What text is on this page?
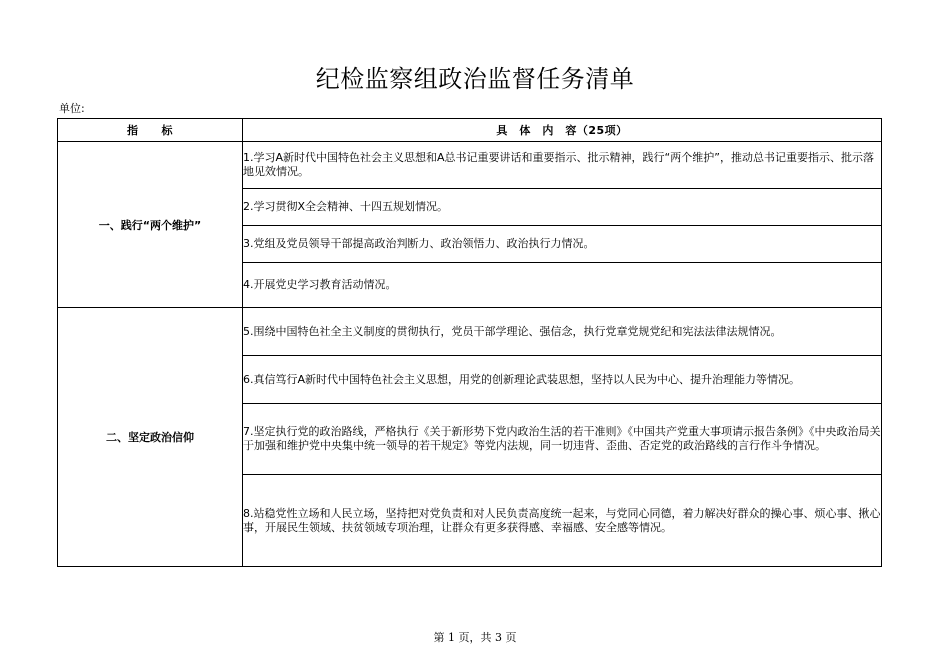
纪检监察组政治监督任务清单
单位:
指　　标	具　体　内　容（25项）
一、践行“两个维护”	1.学习A新时代中国特色社会主义思想和A总书记重要讲话和重要指示、批示精神，践行“两个维护”，推动总书记重要指示、批示落地见效情况。

	2.学习贯彻X全会精神、十四五规划情况。

	3.党组及党员领导干部提高政治判断力、政治领悟力、政治执行力情况。

	4.开展党史学习教育活动情况。

二、坚定政治信仰	5.围绕中国特色社全主义制度的贯彻执行，党员干部学理论、强信念，执行党章党规党纪和宪法法律法规情况。

	6.真信笃行A新时代中国特色社会主义思想，用党的创新理论武装思想，坚持以人民为中心、提升治理能力等情况。

	7.坚定执行党的政治路线，严格执行《关于新形势下党内政治生活的若干准则》《中国共产党重大事项请示报告条例》《中央政治局关于加强和维护党中央集中统一领导的若干规定》等党内法规，同一切违背、歪曲、否定党的政治路线的言行作斗争情况。

	8.站稳党性立场和人民立场，坚持把对党负责和对人民负责高度统一起来，与党同心同德，着力解决好群众的操心事、烦心事、揪心事，开展民生领域、扶贫领域专项治理，让群众有更多获得感、幸福感、安全感等情况。
第 1 页，共 3 页
